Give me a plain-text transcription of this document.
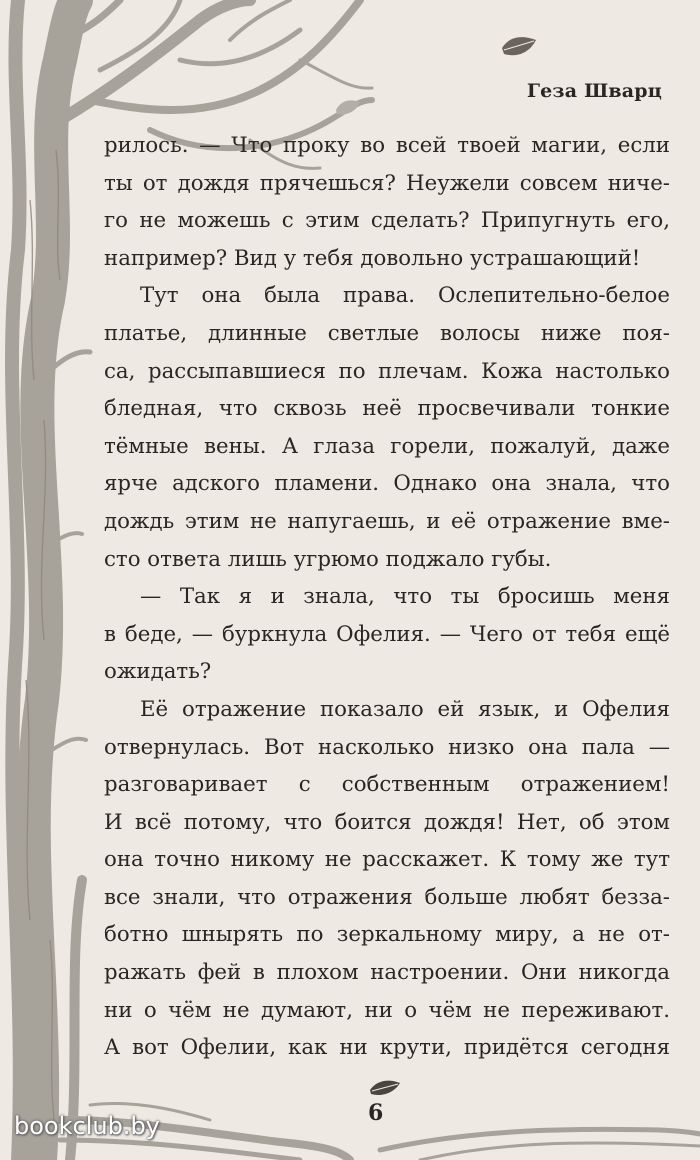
Геза Шварц
рилось. — Что проку во всей твоей магии, если
ты от дождя прячешься? Неужели совсем ниче-
го не можешь с этим сделать? Припугнуть его,
например? Вид у тебя довольно устрашающий!
Тут она была права. Ослепительно-белое
платье, длинные светлые волосы ниже поя-
са, рассыпавшиеся по плечам. Кожа настолько
бледная, что сквозь неё просвечивали тонкие
тёмные вены. А глаза горели, пожалуй, даже
ярче адского пламени. Однако она знала, что
дождь этим не напугаешь, и её отражение вме-
сто ответа лишь угрюмо поджало губы.
— Так я и знала, что ты бросишь меня
в беде, — буркнула Офелия. — Чего от тебя ещё
ожидать?
Её отражение показало ей язык, и Офелия
отвернулась. Вот насколько низко она пала —
разговаривает с собственным отражением!
И всё потому, что боится дождя! Нет, об этом
она точно никому не расскажет. К тому же тут
все знали, что отражения больше любят безза-
ботно шнырять по зеркальному миру, а не от-
ражать фей в плохом настроении. Они никогда
ни о чём не думают, ни о чём не переживают.
А вот Офелии, как ни крути, придётся сегодня
6
bookclub.by
